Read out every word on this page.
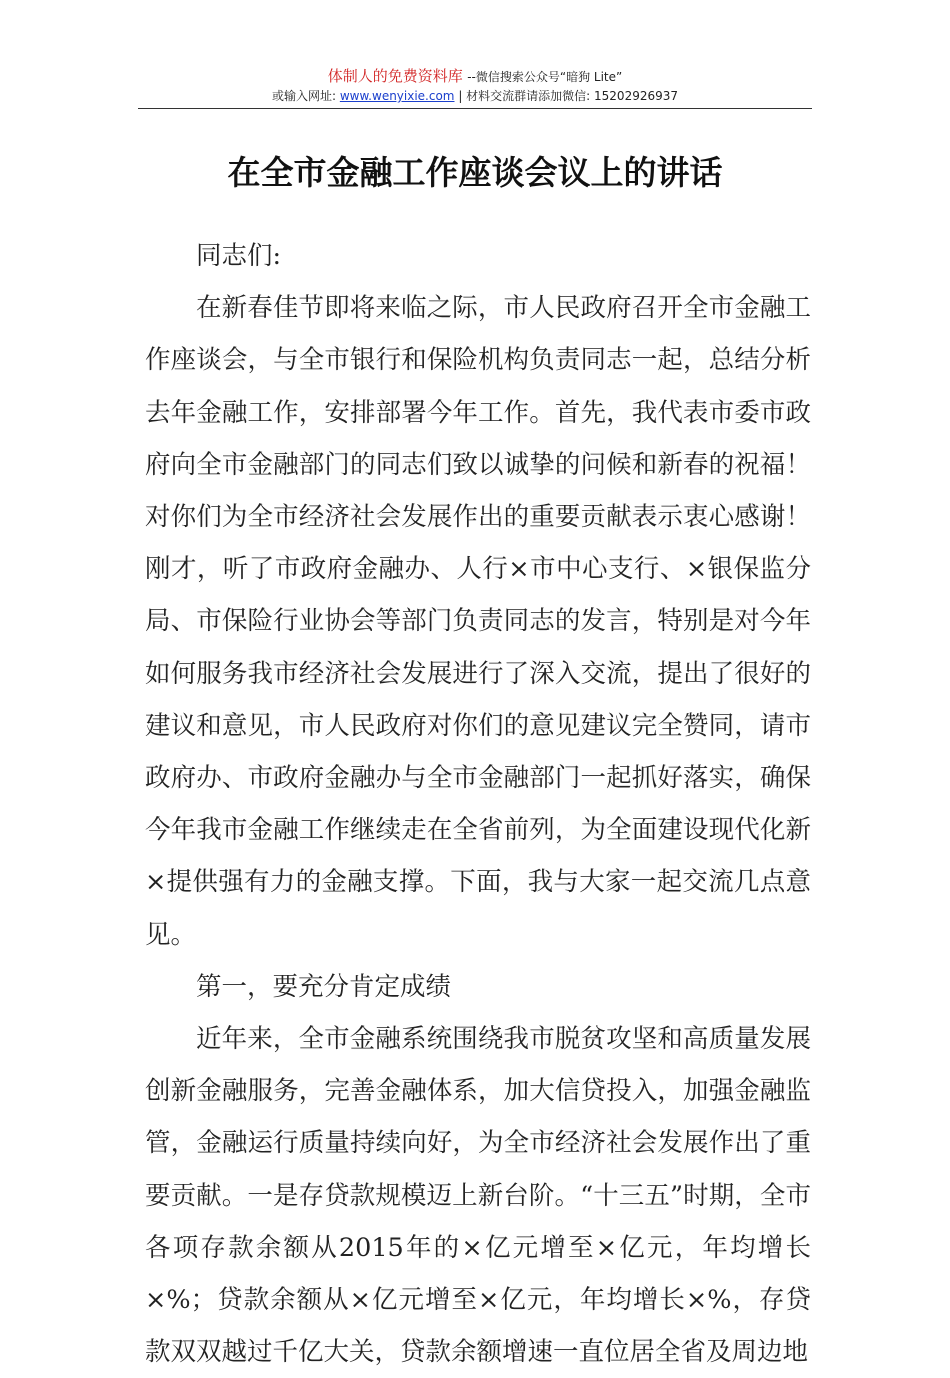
体制人的免费资料库 --微信搜索公众号“暗狗 Lite”
或输入网址: www.wenyixie.com | 材料交流群请添加微信: 15202926937
在全市金融工作座谈会议上的讲话

同志们:

在新春佳节即将来临之际，市人民政府召开全市金融工作座谈会，与全市银行和保险机构负责同志一起，总结分析去年金融工作，安排部署今年工作。首先，我代表市委市政府向全市金融部门的同志们致以诚挚的问候和新春的祝福！对你们为全市经济社会发展作出的重要贡献表示衷心感谢！刚才，听了市政府金融办、人行×市中心支行、×银保监分局、市保险行业协会等部门负责同志的发言，特别是对今年如何服务我市经济社会发展进行了深入交流，提出了很好的建议和意见，市人民政府对你们的意见建议完全赞同，请市政府办、市政府金融办与全市金融部门一起抓好落实，确保今年我市金融工作继续走在全省前列，为全面建设现代化新×提供强有力的金融支撑。下面，我与大家一起交流几点意见。

第一，要充分肯定成绩

近年来，全市金融系统围绕我市脱贫攻坚和高质量发展创新金融服务，完善金融体系，加大信贷投入，加强金融监管，金融运行质量持续向好，为全市经济社会发展作出了重要贡献。一是存贷款规模迈上新台阶。“十三五”时期，全市各项存款余额从2015年的×亿元增至×亿元，年均增长×%；贷款余额从×亿元增至×亿元，年均增长×%，存贷款双双越过千亿大关，贷款余额增速一直位居全省及周边地
